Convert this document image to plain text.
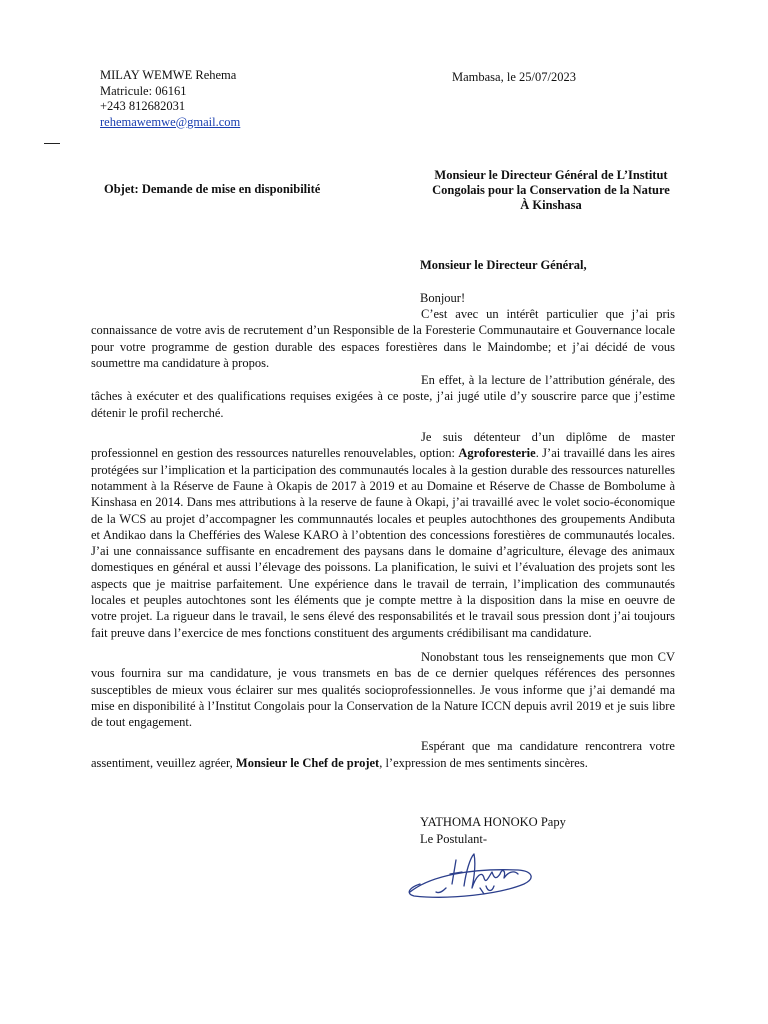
MILAY WEMWE Rehema
Matricule: 06161
+243 812682031
rehemawemwe@gmail.com
Mambasa, le 25/07/2023
Objet: Demande de mise en disponibilité
Monsieur le Directeur Général de L’Institut
Congolais pour la Conservation de la Nature
À Kinshasa
Monsieur le Directeur Général,
Bonjour!

C’est avec un intérêt particulier que j’ai pris connaissance de votre avis de recrutement d’un Responsible de la Foresterie Communautaire et Gouvernance locale pour votre programme de gestion durable des espaces forestières dans le Maindombe; et j’ai décidé de vous soumettre ma candidature à propos.

En effet, à la lecture de l’attribution générale, des tâches à exécuter et des qualifications requises exigées à ce poste, j’ai jugé utile d’y souscrire parce que j’estime détenir le profil recherché.

Je suis détenteur d’un diplôme de master professionnel en gestion des ressources naturelles renouvelables, option: Agroforesterie. J’ai travaillé dans les aires protégées sur l’implication et la participation des communautés locales à la gestion durable des ressources naturelles notamment à la Réserve de Faune à Okapis de 2017 à 2019 et au Domaine et Réserve de Chasse de Bombolume à Kinshasa en 2014. Dans mes attributions à la reserve de faune à Okapi, j’ai travaillé avec le volet socio-économique de la WCS au projet d’accompagner les communnautés locales et peuples autochthones des groupements Andibuta et Andikao dans la Chefféries des Walese KARO à l’obtention des concessions forestières de communautés locales. J’ai une connaissance suffisante en encadrement des paysans dans le domaine d’agriculture, élevage des animaux domestiques en général et aussi l’élevage des poissons. La planification, le suivi et l’évaluation des projets sont les aspects que je maitrise parfaitement. Une expérience dans le travail de terrain, l’implication des communautés locales et peuples autochtones sont les éléments que je compte mettre à la disposition dans la mise en oeuvre de votre projet. La rigueur dans le travail, le sens élevé des responsabilités et le travail sous pression dont j’ai toujours fait preuve dans l’exercice de mes fonctions constituent des arguments crédibilisant ma candidature.

Nonobstant tous les renseignements que mon CV vous fournira sur ma candidature, je vous transmets en bas de ce dernier quelques références des personnes susceptibles de mieux vous éclairer sur mes qualités socioprofessionnelles. Je vous informe que j’ai demandé ma mise en disponibilité à l’Institut Congolais pour la Conservation de la Nature ICCN depuis avril 2019 et je suis libre de tout engagement.

Espérant que ma candidature rencontrera votre assentiment, veuillez agréer, Monsieur le Chef de projet, l’expression de mes sentiments sincères.

YATHOMA HONOKO Papy
Le Postulant-
